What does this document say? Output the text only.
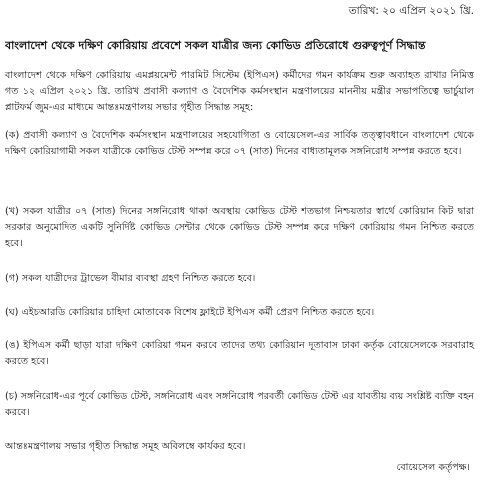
তারিখ: ২০ এপ্রিল ২০২১ খ্রি.
বাংলাদেশ থেকে দক্ষিণ কোরিয়ায় প্রবেশে সকল যাত্রীর জন্য কোভিড প্রতিরোধে গুরুত্বপূর্ণ সিদ্ধান্ত

বাংলাদেশ থেকে দক্ষিণ কোরিয়ায় এমপ্লয়মেন্ট পারমিট সিস্টেম (ইপিএস) কর্মীদের গমন কার্যক্রম শুরু অব্যাহত রাখার নিমিত্ত গত ১২ এপ্রিল ২০২১ খ্রি. তারিখ প্রবাসী কল্যাণ ও বৈদেশিক কর্মসংস্থান মন্ত্রণালয়ের মাননীয় মন্ত্রীর সভাপতিত্বে ভার্চুয়াল প্লাটফর্ম জুম-এর মাধ্যমে আন্তঃমন্ত্রণালয় সভার গৃহীত সিদ্ধান্ত সমূহ:

(ক) প্রবাসী কল্যাণ ও বৈদেশিক কর্মসংস্থান মন্ত্রণালয়ের সহযোগিতা ও বোয়েসেল-এর সার্বিক তত্ত্বাবধানে বাংলাদেশ থেকে দক্ষিণ কোরিয়াগামী সকল যাত্রীকে কোভিড টেস্ট সম্পন্ন করে ০৭ (সাত) দিনের বাধ্যতামূলক সঙ্গনিরোধ সম্পন্ন করতে হবে।

(খ) সকল যাত্রীর ০৭ (সাত) দিনের সঙ্গনিরোধ থাকা অবস্থায় কোভিড টেস্ট শতভাগ নিশ্চয়তার স্বার্থে কোরিয়ান কিট দ্বারা সরকার অনুমোদিত একটি সুনির্দিষ্ট কোভিড সেন্টার থেকে কোভিড টেস্ট সম্পন্ন করে দক্ষিণ কোরিয়ায় গমন নিশ্চিত করতে হবে।

(গ) সকল যাত্রীদের ট্রাভেল বীমার ব্যবস্থা গ্রহণ নিশ্চিত করতে হবে।

(ঘ) এইচআরডি কোরিয়ার চাহিদা মোতাবেক বিশেষ ফ্লাইটে ইপিএস কর্মী প্রেরণ নিশ্চিত করতে হবে।

(ঙ) ইপিএস কর্মী ছাড়া যারা দক্ষিণ কোরিয়া গমন করবে তাদের তথ্য কোরিয়ান দূতাবাস ঢাকা কর্তৃক বোয়েসেলকে সরবারাহ করতে হবে।

(চ) সঙ্গনিরোধ-এর পূর্বে কোভিড টেস্ট, সঙ্গনিরোধ এবং সঙ্গনিরোধ পরবর্তী কোভিড টেস্ট এর যাবতীয় ব্যয় সংশ্লিষ্ট ব্যক্তি বহন করবে।

আন্তঃমন্ত্রণালয় সভার গৃহীত সিদ্ধান্ত সমূহ অবিলম্বে কার্যকর হবে।

বোয়েসেল কর্তৃপক্ষ।
